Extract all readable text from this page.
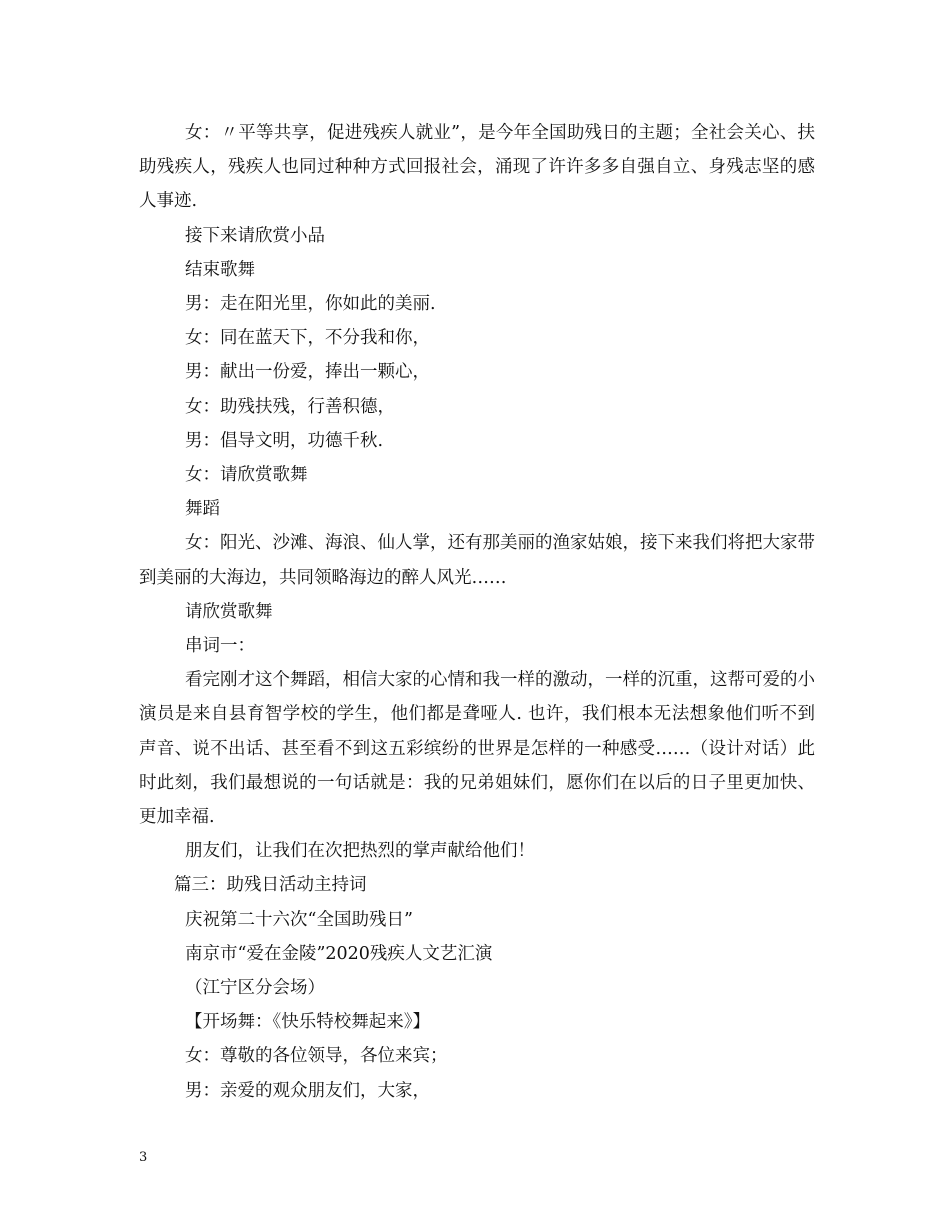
女：〃平等共享，促进残疾人就业”，是今年全国助残日的主题；全社会关心、扶助残疾人，残疾人也同过种种方式回报社会，涌现了许许多多自强自立、身残志坚的感人事迹.

接下来请欣赏小品

结束歌舞

男：走在阳光里，你如此的美丽.

女：同在蓝天下，不分我和你，

男：献出一份爱，捧出一颗心，

女：助残扶残，行善积德，

男：倡导文明，功德千秋.

女：请欣赏歌舞

舞蹈

女：阳光、沙滩、海浪、仙人掌，还有那美丽的渔家姑娘，接下来我们将把大家带到美丽的大海边，共同领略海边的醉人风光……

请欣赏歌舞

串词一：

看完刚才这个舞蹈，相信大家的心情和我一样的激动，一样的沉重，这帮可爱的小演员是来自县育智学校的学生，他们都是聋哑人. 也许，我们根本无法想象他们听不到声音、说不出话、甚至看不到这五彩缤纷的世界是怎样的一种感受……（设计对话）此时此刻，我们最想说的一句话就是：我的兄弟姐妹们，愿你们在以后的日子里更加快、更加幸福.

朋友们，让我们在次把热烈的掌声献给他们！

篇三：助残日活动主持词

庆祝第二十六次“全国助残日”

南京市“爱在金陵”2020残疾人文艺汇演

（江宁区分会场）

【开场舞：《快乐特校舞起来》】

女：尊敬的各位领导，各位来宾；

男：亲爱的观众朋友们，大家，

3
